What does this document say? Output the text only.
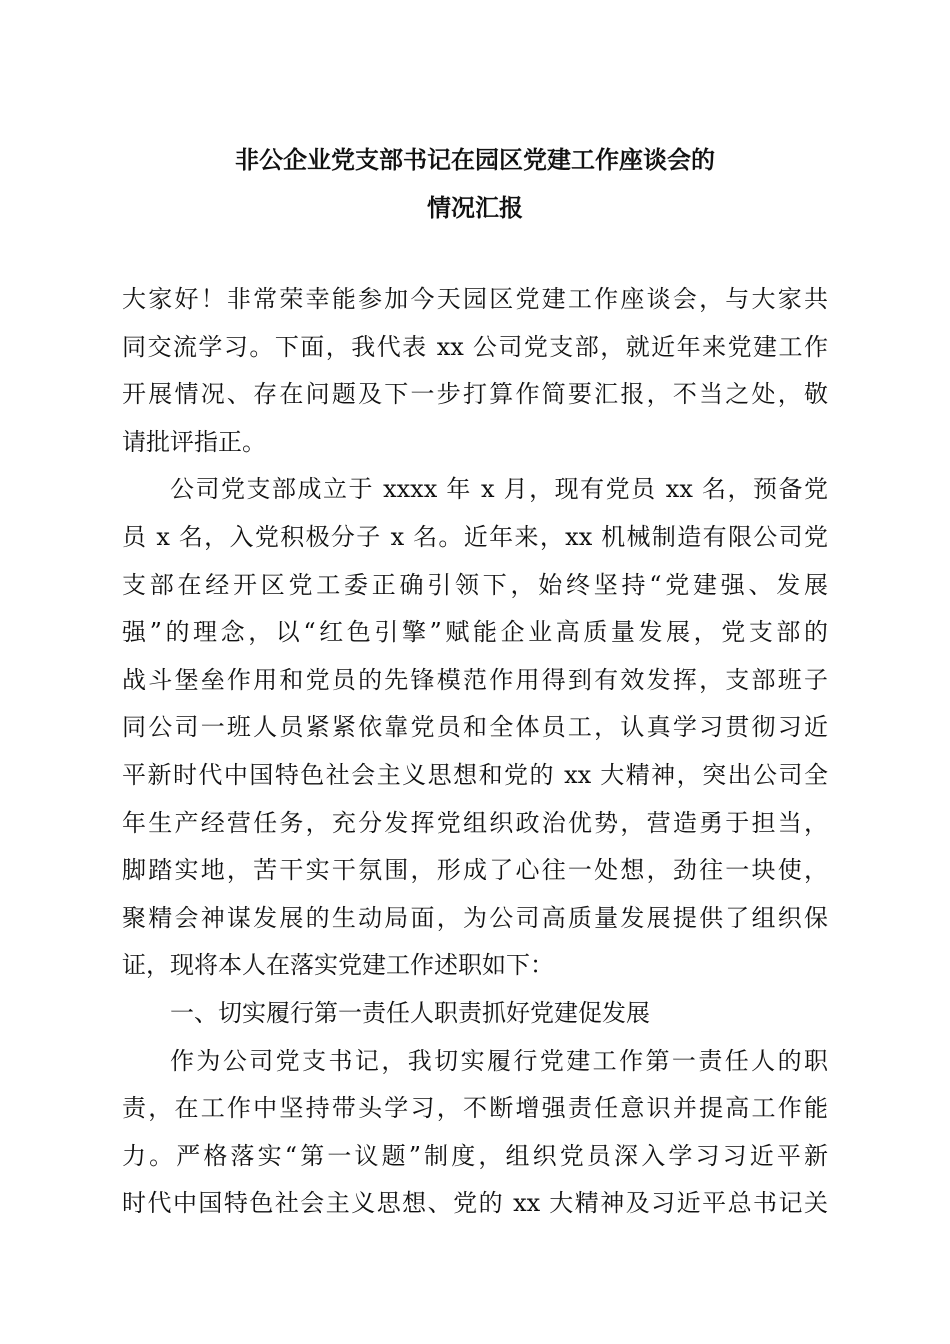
非公企业党支部书记在园区党建工作座谈会的
情况汇报
大家好！非常荣幸能参加今天园区党建工作座谈会，与大家共
同交流学习。下面，我代表 xx 公司党支部，就近年来党建工作
开展情况、存在问题及下一步打算作简要汇报，不当之处，敬
请批评指正。
公司党支部成立于 xxxx 年 x 月，现有党员 xx 名，预备党
员 x 名，入党积极分子 x 名。近年来，xx 机械制造有限公司党
支部在经开区党工委正确引领下，始终坚持“党建强、发展
强”的理念，以“红色引擎”赋能企业高质量发展，党支部的
战斗堡垒作用和党员的先锋模范作用得到有效发挥，支部班子
同公司一班人员紧紧依靠党员和全体员工，认真学习贯彻习近
平新时代中国特色社会主义思想和党的 xx 大精神，突出公司全
年生产经营任务，充分发挥党组织政治优势，营造勇于担当，
脚踏实地，苦干实干氛围，形成了心往一处想，劲往一块使，
聚精会神谋发展的生动局面，为公司高质量发展提供了组织保
证，现将本人在落实党建工作述职如下：
一、切实履行第一责任人职责抓好党建促发展
作为公司党支书记，我切实履行党建工作第一责任人的职
责，在工作中坚持带头学习，不断增强责任意识并提高工作能
力。严格落实“第一议题”制度，组织党员深入学习习近平新
时代中国特色社会主义思想、党的 xx 大精神及习近平总书记关
